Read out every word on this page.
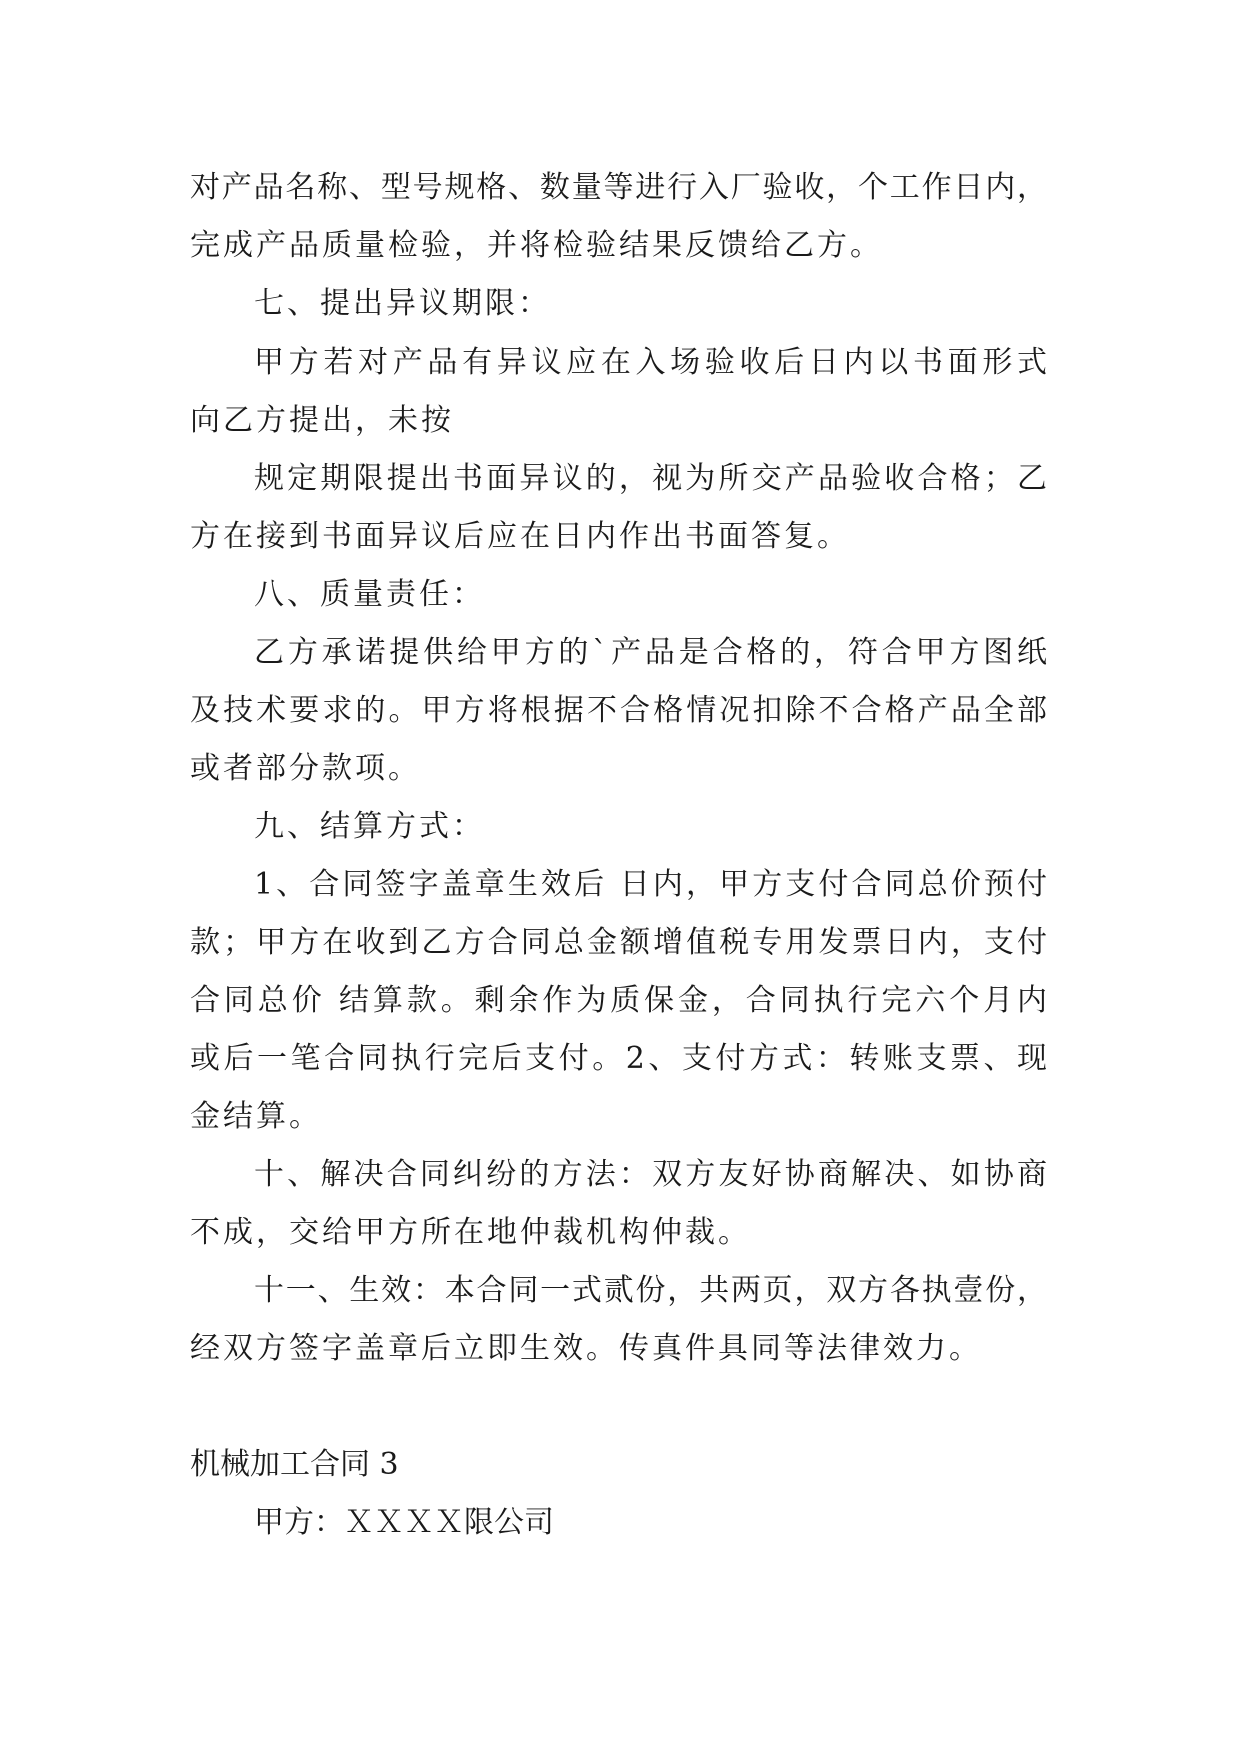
对产品名称、型号规格、数量等进行入厂验收，个工作日内，
完成产品质量检验，并将检验结果反馈给乙方。
七、提出异议期限：
甲方若对产品有异议应在入场验收后日内以书面形式
向乙方提出，未按
规定期限提出书面异议的，视为所交产品验收合格；乙
方在接到书面异议后应在日内作出书面答复。
八、质量责任：
乙方承诺提供给甲方的`产品是合格的，符合甲方图纸
及技术要求的。甲方将根据不合格情况扣除不合格产品全部
或者部分款项。
九、结算方式：
1、合同签字盖章生效后 日内，甲方支付合同总价预付
款；甲方在收到乙方合同总金额增值税专用发票日内，支付
合同总价 结算款。剩余作为质保金，合同执行完六个月内
或后一笔合同执行完后支付。2、支付方式：转账支票、现
金结算。
十、解决合同纠纷的方法：双方友好协商解决、如协商
不成，交给甲方所在地仲裁机构仲裁。
十一、生效：本合同一式贰份，共两页，双方各执壹份，
经双方签字盖章后立即生效。传真件具同等法律效力。
机械加工合同 3
甲方：ＸＸＸＸ限公司
